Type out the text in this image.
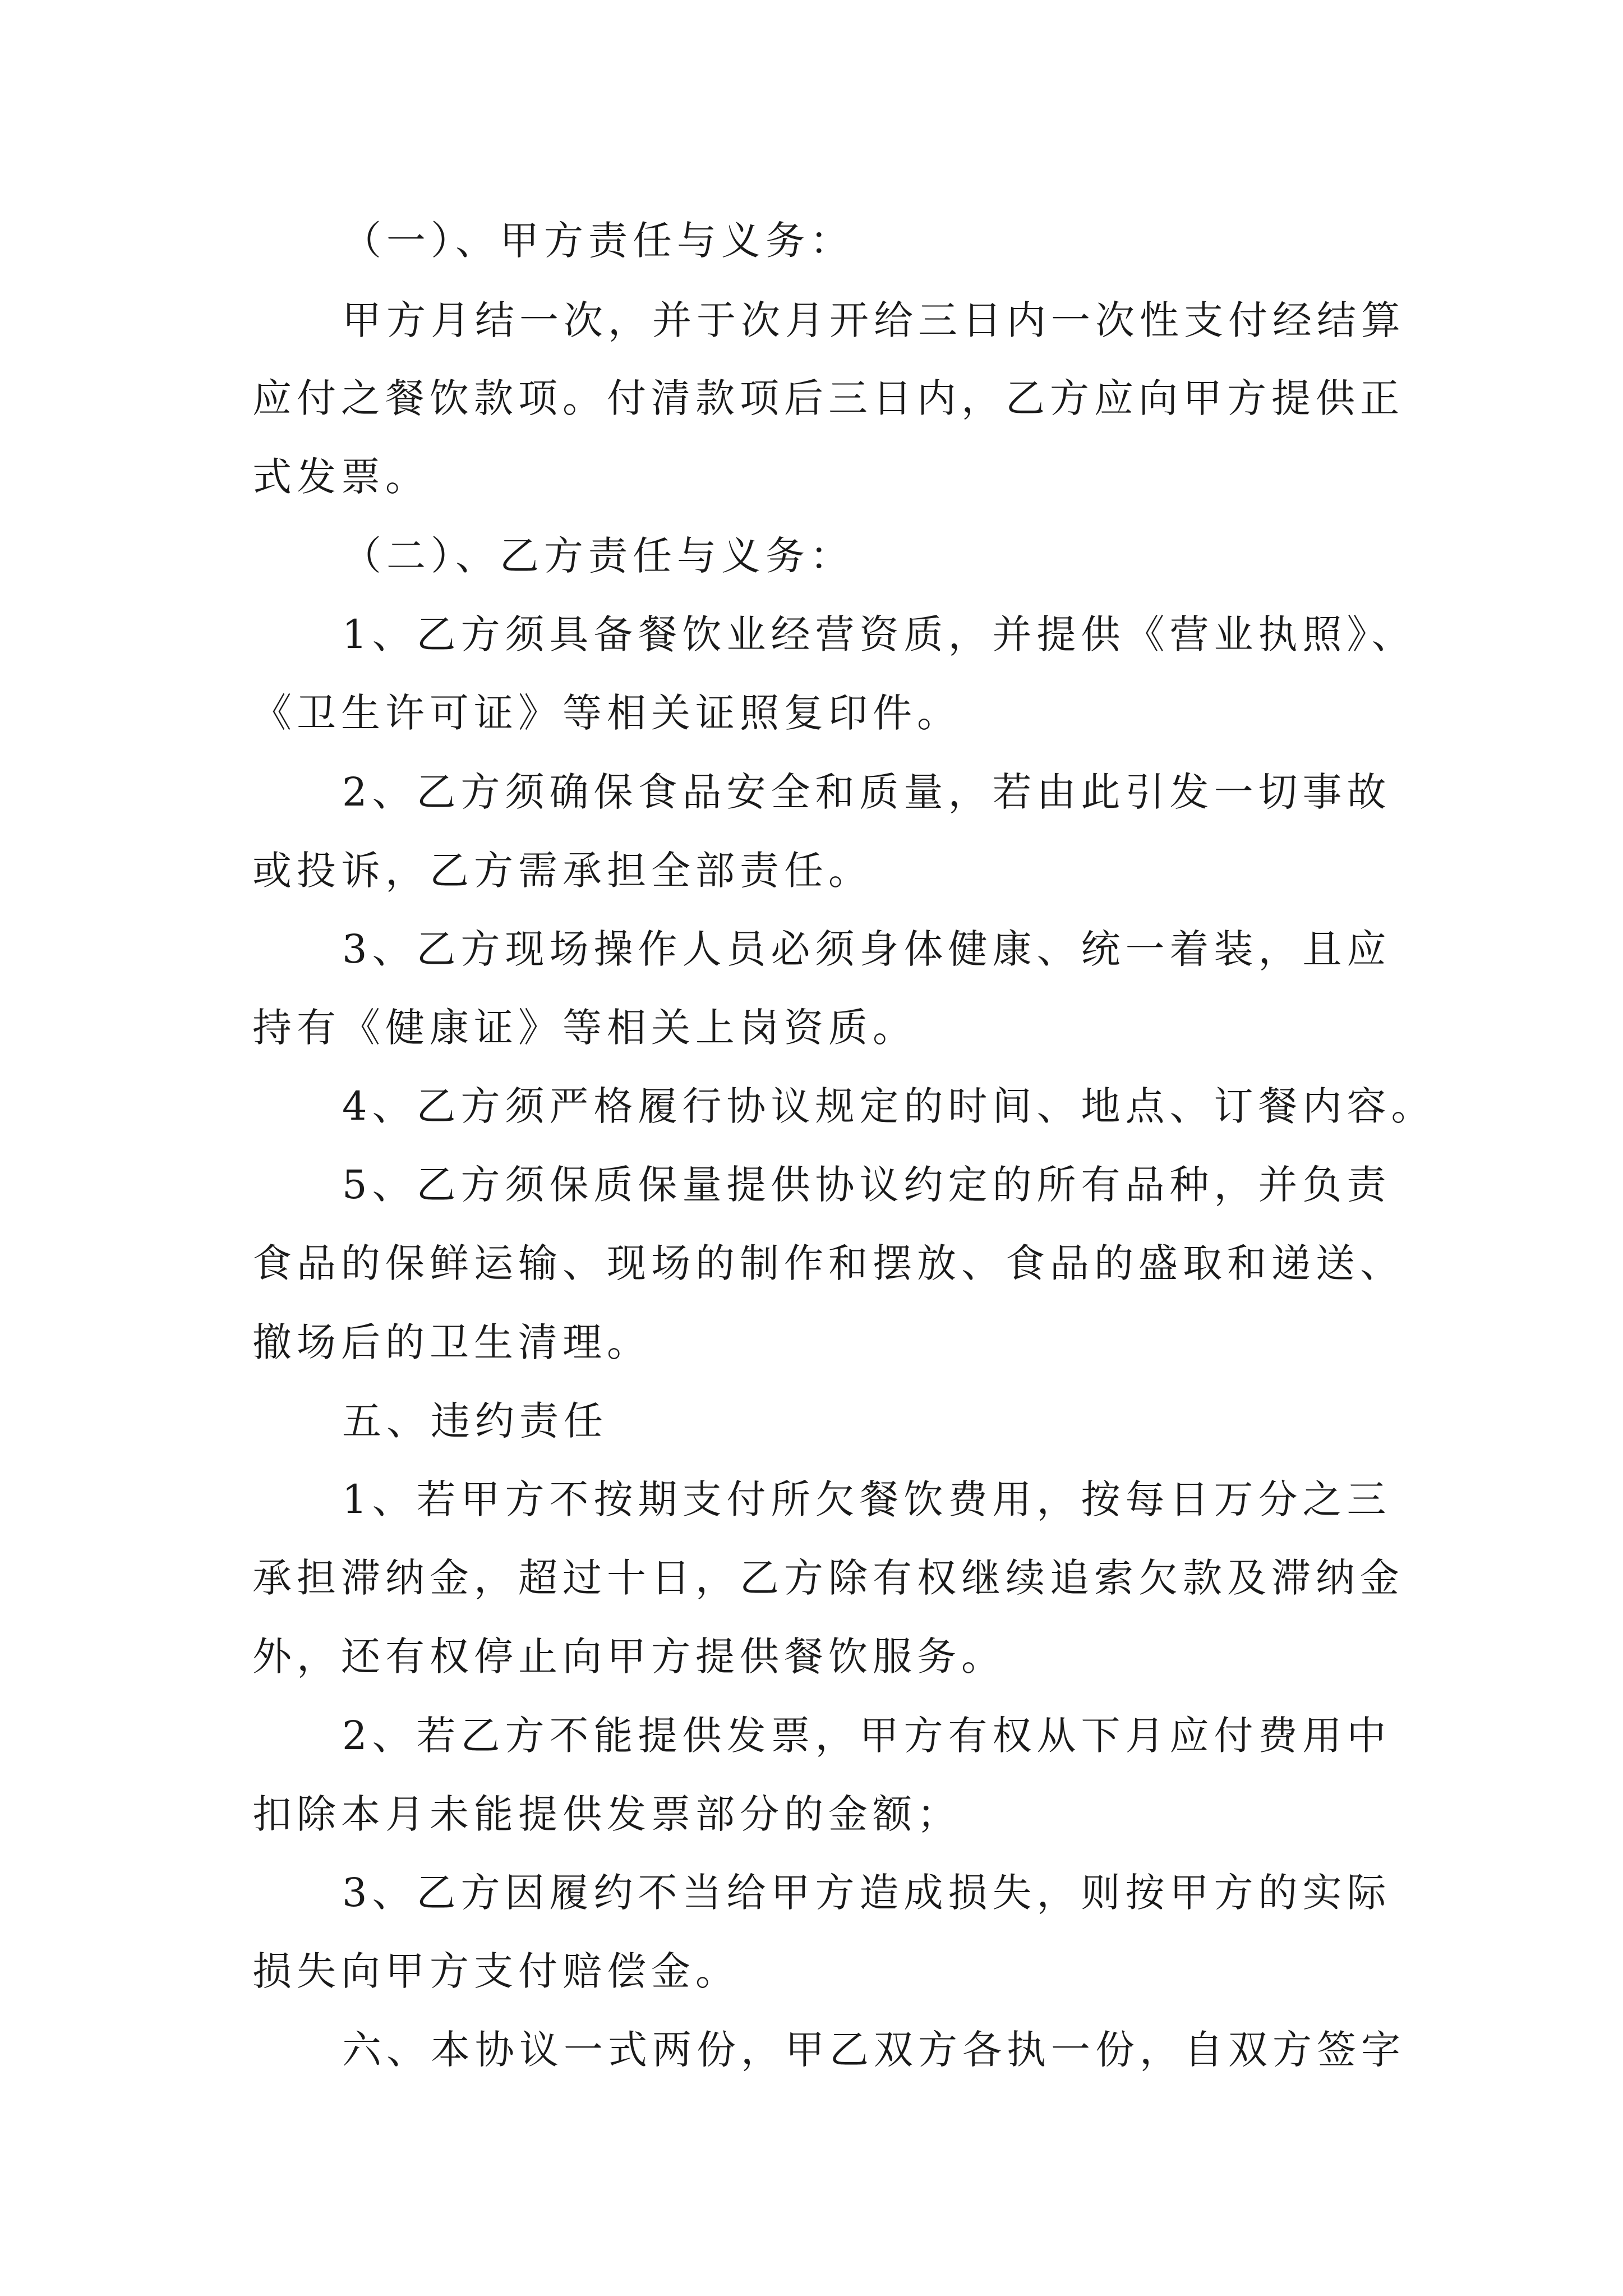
（一）、甲方责任与义务：
甲方月结一次，并于次月开给三日内一次性支付经结算
应付之餐饮款项。付清款项后三日内，乙方应向甲方提供正
式发票。
（二）、乙方责任与义务：
1、乙方须具备餐饮业经营资质，并提供《营业执照》、
《卫生许可证》等相关证照复印件。
2、乙方须确保食品安全和质量，若由此引发一切事故
或投诉，乙方需承担全部责任。
3、乙方现场操作人员必须身体健康、统一着装，且应
持有《健康证》等相关上岗资质。
4、乙方须严格履行协议规定的时间、地点、订餐内容。
5、乙方须保质保量提供协议约定的所有品种，并负责
食品的保鲜运输、现场的制作和摆放、食品的盛取和递送、
撤场后的卫生清理。
五、违约责任
1、若甲方不按期支付所欠餐饮费用，按每日万分之三
承担滞纳金，超过十日，乙方除有权继续追索欠款及滞纳金
外，还有权停止向甲方提供餐饮服务。
2、若乙方不能提供发票，甲方有权从下月应付费用中
扣除本月未能提供发票部分的金额；
3、乙方因履约不当给甲方造成损失，则按甲方的实际
损失向甲方支付赔偿金。
六、本协议一式两份，甲乙双方各执一份，自双方签字
